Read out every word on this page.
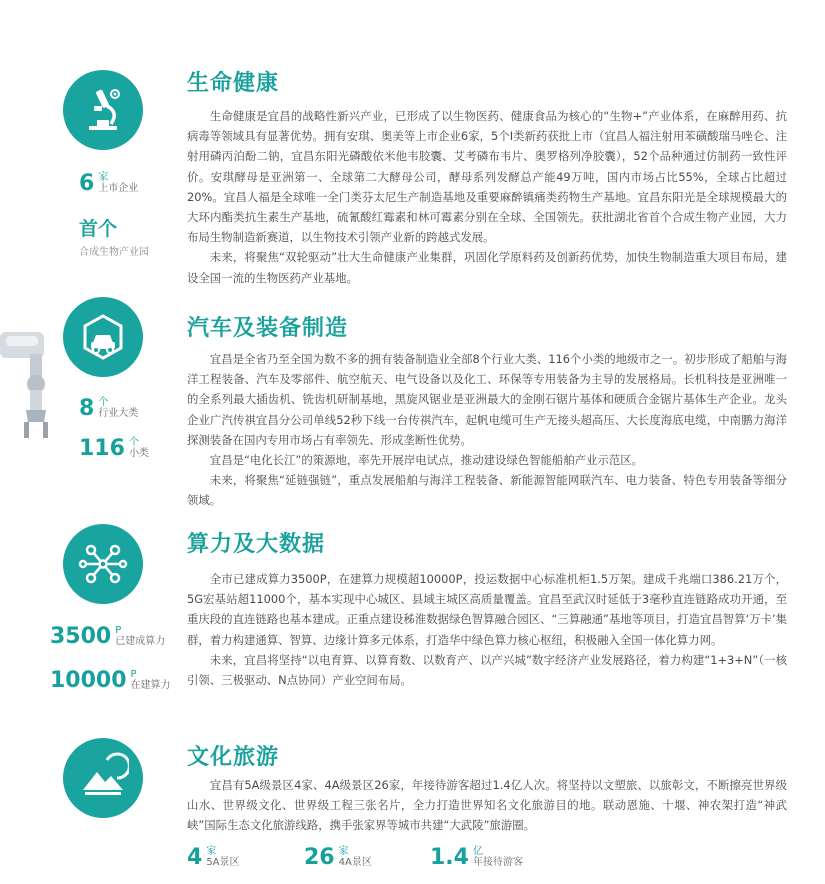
生命健康

生命健康是宜昌的战略性新兴产业，已形成了以生物医药、健康食品为核心的“生物+”产业体系，在麻醉用药、抗病毒等领域具有显著优势。拥有安琪、奥美等上市企业6家，5个I类新药获批上市（宜昌人福注射用苯磺酸瑞马唑仑、注射用磷丙泊酚二钠，宜昌东阳光磷酸依米他韦胶囊、艾考磷布韦片、奥罗格列净胶囊），52个品种通过仿制药一致性评价。安琪酵母是亚洲第一、全球第二大酵母公司，酵母系列发酵总产能49万吨，国内市场占比55%，全球占比超过20%。宜昌人福是全球唯一全门类芬太尼生产制造基地及重要麻醉镇痛类药物生产基地。宜昌东阳光是全球规模最大的大环内酯类抗生素生产基地，硫氰酸红霉素和林可霉素分别在全球、全国领先。获批湖北省首个合成生物产业园，大力布局生物制造新赛道，以生物技术引领产业新的跨越式发展。

未来，将聚焦“双轮驱动”壮大生命健康产业集群，巩固化学原料药及创新药优势，加快生物制造重大项目布局，建设全国一流的生物医药产业基地。

6 家
上市企业
首个
合成生物产业园
汽车及装备制造

宜昌是全省乃至全国为数不多的拥有装备制造业全部8个行业大类、116个小类的地级市之一。初步形成了船舶与海洋工程装备、汽车及零部件、航空航天、电气设备以及化工、环保等专用装备为主导的发展格局。长机科技是亚洲唯一的全系列最大插齿机、铣齿机研制基地，黑旋风锯业是亚洲最大的金刚石锯片基体和硬质合金锯片基体生产企业。龙头企业广汽传祺宜昌分公司单线52秒下线一台传祺汽车，起帆电缆可生产无接头超高压、大长度海底电缆，中南鹏力海洋探测装备在国内专用市场占有率领先、形成垄断性优势。

宜昌是“电化长江”的策源地，率先开展岸电试点，推动建设绿色智能船舶产业示范区。

未来，将聚焦“延链强链”，重点发展船舶与海洋工程装备、新能源智能网联汽车、电力装备、特色专用装备等细分领域。

8 个
行业大类
116 个
小类
算力及大数据

全市已建成算力3500P，在建算力规模超10000P，投运数据中心标准机柜1.5万架。建成千兆端口386.21万个，5G宏基站超11000个，基本实现中心城区、县域主城区高质量覆盖。宜昌至武汉时延低于3毫秒直连链路成功开通，至重庆段的直连链路也基本建成。正重点建设秭淮数据绿色智算融合园区、“三算融通”基地等项目，打造宜昌智算‘万卡’集群，着力构建通算、智算、边缘计算多元体系，打造华中绿色算力核心枢纽，积极融入全国一体化算力网。

未来，宜昌将坚持“以电育算、以算育数、以数育产、以产兴城”数字经济产业发展路径，着力构建“1+3+N”（一核引领、三极驱动、N点协同）产业空间布局。

3500 P
已建成算力
10000 P
在建算力
文化旅游

宜昌有5A级景区4家、4A级景区26家，年接待游客超过1.4亿人次。将坚持以文塑旅、以旅彰文，不断擦亮世界级山水、世界级文化、世界级工程三张名片，全力打造世界知名文化旅游目的地。联动恩施、十堰、神农架打造“神武峡”国际生态文化旅游线路，携手张家界等城市共建“大武陵”旅游圈。

4 家
5A景区	26 家
4A景区	1.4 亿
年接待游客
